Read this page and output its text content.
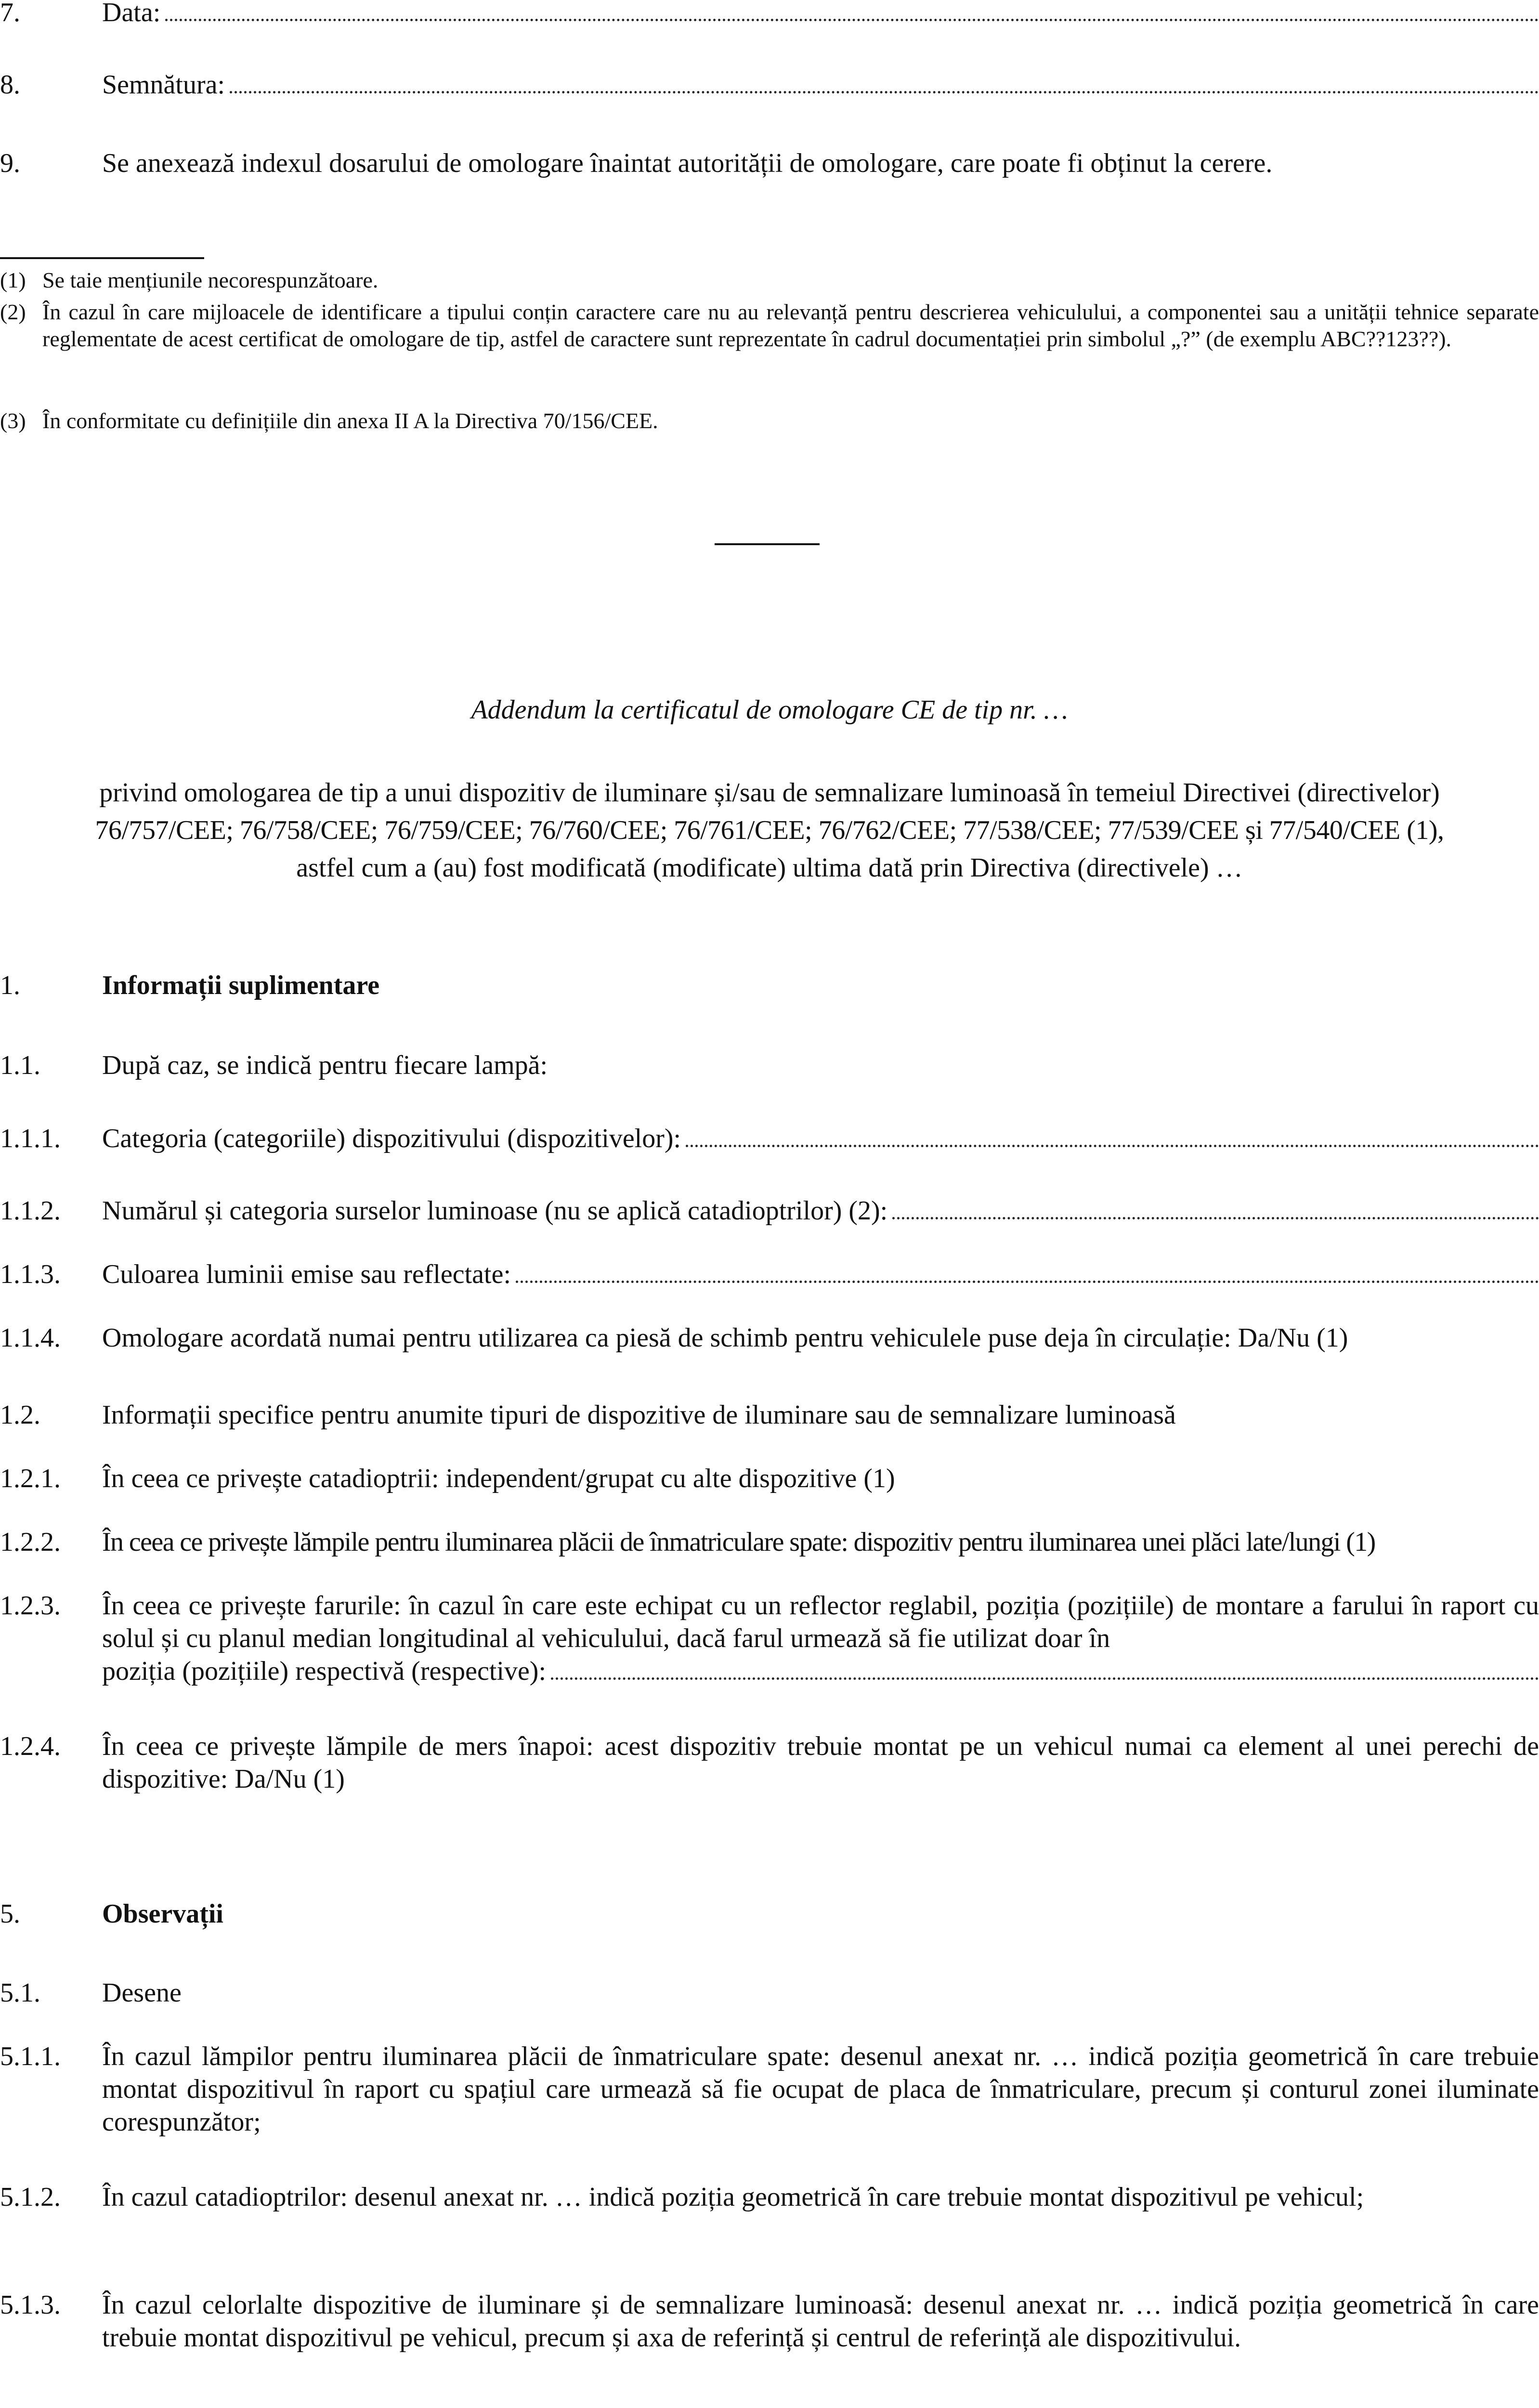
7.	Data:
8.	Semnătura:
9.	Se anexează indexul dosarului de omologare înaintat autorității de omologare, care poate fi obținut la cerere.
(1) Se taie mențiunile necorespunzătoare.
(2) În cazul în care mijloacele de identificare a tipului conțin caractere care nu au relevanță pentru descrierea vehiculului, a componentei sau a unității tehnice separate reglementate de acest certificat de omologare de tip, astfel de caractere sunt reprezentate în cadrul documentației prin simbolul „?” (de exemplu ABC??123??).
(3) În conformitate cu definițiile din anexa II A la Directiva 70/156/CEE.
Addendum la certificatul de omologare CE de tip nr. …
privind omologarea de tip a unui dispozitiv de iluminare și/sau de semnalizare luminoasă în temeiul Directivei (directivelor)
76/757/CEE; 76/758/CEE; 76/759/CEE; 76/760/CEE; 76/761/CEE; 76/762/CEE; 77/538/CEE; 77/539/CEE și 77/540/CEE (1),
astfel cum a (au) fost modificată (modificate) ultima dată prin Directiva (directivele) …
1.	Informații suplimentare
1.1. După caz, se indică pentru fiecare lampă:
1.1.1. Categoria (categoriile) dispozitivului (dispozitivelor):
1.1.2. Numărul și categoria surselor luminoase (nu se aplică catadioptrilor) (2):
1.1.3. Culoarea luminii emise sau reflectate:
1.1.4. Omologare acordată numai pentru utilizarea ca piesă de schimb pentru vehiculele puse deja în circulație: Da/Nu (1)
1.2. Informații specifice pentru anumite tipuri de dispozitive de iluminare sau de semnalizare luminoasă
1.2.1. În ceea ce privește catadioptrii: independent/grupat cu alte dispozitive (1)
1.2.2. În ceea ce privește lămpile pentru iluminarea plăcii de înmatriculare spate: dispozitiv pentru iluminarea unei plăci late/lungi (1)
1.2.3. În ceea ce privește farurile: în cazul în care este echipat cu un reflector reglabil, poziția (pozițiile) de montare a farului în raport cu solul și cu planul median longitudinal al vehiculului, dacă farul urmează să fie utilizat doar în
poziția (pozițiile) respectivă (respective):
1.2.4. În ceea ce privește lămpile de mers înapoi: acest dispozitiv trebuie montat pe un vehicul numai ca element al unei perechi de dispozitive: Da/Nu (1)
5.	Observații
5.1. Desene
5.1.1. În cazul lămpilor pentru iluminarea plăcii de înmatriculare spate: desenul anexat nr. … indică poziția geometrică în care trebuie montat dispozitivul în raport cu spațiul care urmează să fie ocupat de placa de înmatriculare, precum și conturul zonei iluminate corespunzător;
5.1.2. În cazul catadioptrilor: desenul anexat nr. … indică poziția geometrică în care trebuie montat dispozitivul pe vehicul;
5.1.3. În cazul celorlalte dispozitive de iluminare și de semnalizare luminoasă: desenul anexat nr. … indică poziția geometrică în care trebuie montat dispozitivul pe vehicul, precum și axa de referință și centrul de referință ale dispozitivului.
